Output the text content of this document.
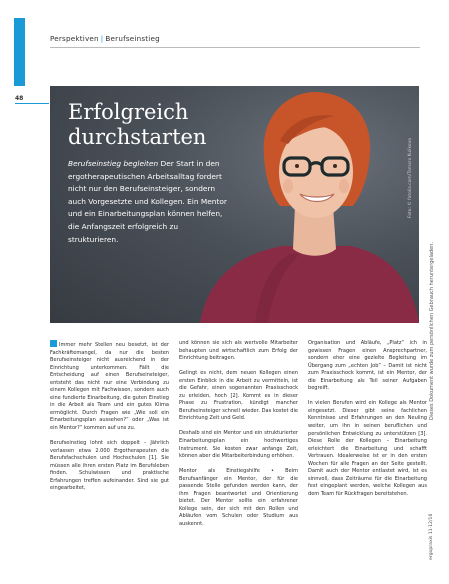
48
Perspektiven | Berufseinstieg
Erfolgreich durchstarten

Berufseinstieg begleiten Der Start in den ergotherapeutischen Arbeitsalltag fordert nicht nur den Berufseinsteiger, sondern auch Vorgesetzte und Kollegen. Ein Mentor und ein Einarbeitungsplan können helfen, die Anfangszeit erfolgreich zu strukturieren.

Foto: © fotolia.com/Tamara Kulikova
Dieses Dokument wurde zum persönlichen Gebrauch heruntergeladen.
ergopraxis 11·12/16

Immer mehr Stellen neu besetzt, ist der Fachkräftemangel, da nur die besten Berufseinsteiger nicht ausreichend in der Einrichtung unterkommen. Fällt die Entscheidung auf einen Berufseinsteiger, entsteht das nicht nur eine Verbindung zu einem Kollegen mit Fachwissen, sondern auch eine fundierte Einarbeitung, die guten Einstieg in die Arbeit als Team und ein gutes Klima ermöglicht. Durch Fragen wie „Wie soll ein Einarbeitungsplan aussehen?“ oder „Was ist ein Mentor?“ kommen auf uns zu.

Berufseinstieg lohnt sich doppelt – Jährlich verlassen etwa 2.000 Ergotherapeuten die Berufsfachschulen und Hochschulen [1]. Sie müssen alle ihren ersten Platz im Berufsleben finden. Schulwissen und praktische Erfahrungen treffen aufeinander. Sind sie gut eingearbeitet,

und können sie sich als wertvolle Mitarbeiter behaupten und wirtschaftlich zum Erfolg der Einrichtung beitragen.

Gelingt es nicht, dem neuen Kollegen einen ersten Einblick in die Arbeit zu vermitteln, ist die Gefahr, einen sogenannten Praxisschock zu erleiden, hoch [2]. Kommt es in dieser Phase zu Frustration, kündigt mancher Berufseinsteiger schnell wieder. Das kostet die Einrichtung Zeit und Geld.

Deshalb sind ein Mentor und ein strukturierter Einarbeitungsplan ein hochwertiges Instrument. Sie kosten zwar anfangs Zeit, können aber die Mitarbeiterbindung erhöhen.

Mentor als Einstiegshilfe • Beim Berufsanfänger ein Mentor, der für die passende Stelle gefunden werden kann, der ihm Fragen beantwortet und Orientierung bietet. Der Mentor sollte ein erfahrener Kollege sein, der sich mit den Rollen und Abläufen vom Schulen oder Studium aus auskennt.

Organisation und Abläufe, „Platz“ ich in gewissen Fragen einen Ansprechpartner, sondern eher eine gezielte Begleitung im Übergang zum „echten Job“ – Damit ist nicht zum Praxisschock kommt, ist ein Mentor, der die Einarbeitung als Teil seiner Aufgaben begreift.

In vielen Berufen wird ein Kollege als Mentor eingesetzt. Dieser gibt seine fachlichen Kenntnisse und Erfahrungen an den Neuling weiter, um ihn in seinen beruflichen und persönlichen Entwicklung zu unterstützen [3]. Diese Rolle der Kollegen – Einarbeitung erleichtert die Einarbeitung und schafft Vertrauen. Idealerweise ist er in den ersten Wochen für alle Fragen an der Seite gestellt. Damit auch der Mentor entlastet wird, ist es sinnvoll, dass Zeiträume für die Einarbeitung fest eingeplant werden, welche Kollegen aus dem Team für Rückfragen bereitstehen.
